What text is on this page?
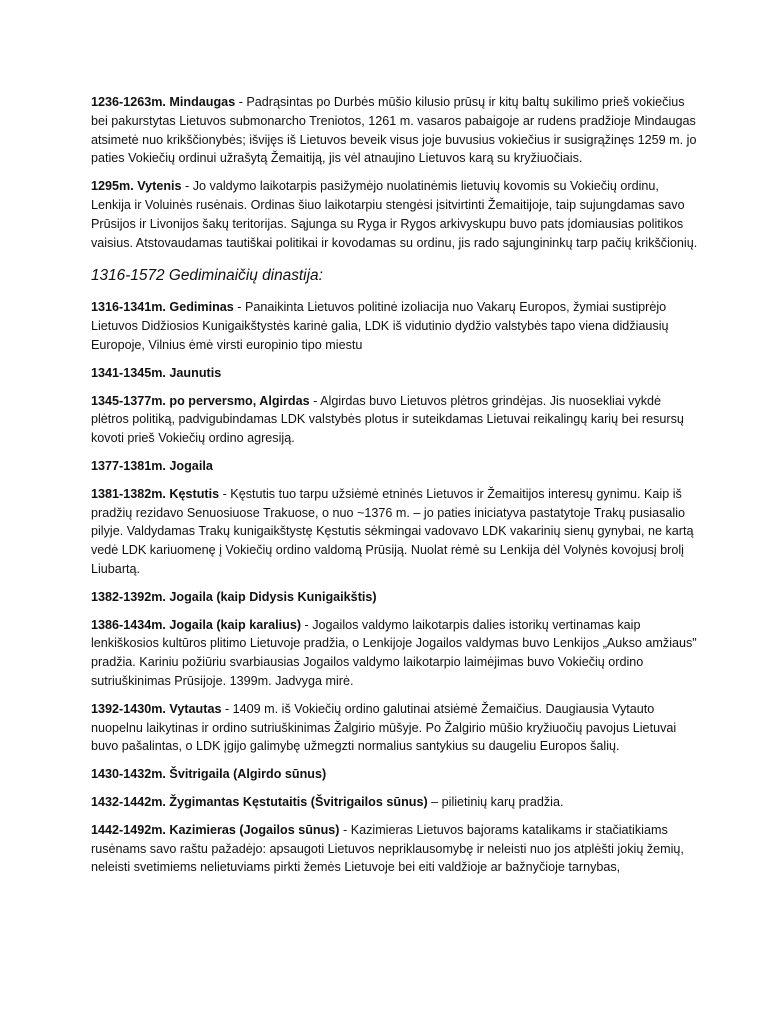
1236-1263m. Mindaugas - Padrąsintas po Durbės mūšio kilusio prūsų ir kitų baltų sukilimo prieš vokiečius bei pakurstytas Lietuvos submonarcho Treniotos, 1261 m. vasaros pabaigoje ar rudens pradžioje Mindaugas atsimetė nuo krikščionybės; išvijęs iš Lietuvos beveik visus joje buvusius vokiečius ir susigrąžinęs 1259 m. jo paties Vokiečių ordinui užrašytą Žemaitiją, jis vėl atnaujino Lietuvos karą su kryžiuočiais.

1295m. Vytenis - Jo valdymo laikotarpis pasižymėjo nuolatinėmis lietuvių kovomis su Vokiečių ordinu, Lenkija ir Voluinės rusėnais. Ordinas šiuo laikotarpiu stengėsi įsitvirtinti Žemaitijoje, taip sujungdamas savo Prūsijos ir Livonijos šakų teritorijas. Sąjunga su Ryga ir Rygos arkivyskupu buvo pats įdomiausias politikos vaisius. Atstovaudamas tautiškai politikai ir kovodamas su ordinu, jis rado sąjungininkų tarp pačių krikščionių.

1316-1572 Gediminaičių dinastija:

1316-1341m. Gediminas - Panaikinta Lietuvos politinė izoliacija nuo Vakarų Europos, žymiai sustiprėjo Lietuvos Didžiosios Kunigaikštystės karinė galia, LDK iš vidutinio dydžio valstybės tapo viena didžiausių Europoje, Vilnius ėmė virsti europinio tipo miestu

1341-1345m. Jaunutis

1345-1377m. po perversmo, Algirdas - Algirdas buvo Lietuvos plėtros grindėjas. Jis nuosekliai vykdė plėtros politiką, padvigubindamas LDK valstybės plotus ir suteikdamas Lietuvai reikalingų karių bei resursų kovoti prieš Vokiečių ordino agresiją.

1377-1381m. Jogaila

1381-1382m. Kęstutis - Kęstutis tuo tarpu užsiėmė etninės Lietuvos ir Žemaitijos interesų gynimu. Kaip iš pradžių rezidavo Senuosiuose Trakuose, o nuo ~1376 m. – jo paties iniciatyva pastatytoje Trakų pusiasalio pilyje. Valdydamas Trakų kunigaikštystę Kęstutis sėkmingai vadovavo LDK vakarinių sienų gynybai, ne kartą vedė LDK kariuomenę į Vokiečių ordino valdomą Prūsiją. Nuolat rėmė su Lenkija dėl Volynės kovojusį brolį Liubartą.

1382-1392m. Jogaila (kaip Didysis Kunigaikštis)

1386-1434m. Jogaila (kaip karalius) - Jogailos valdymo laikotarpis dalies istorikų vertinamas kaip lenkiškosios kultūros plitimo Lietuvoje pradžia, o Lenkijoje Jogailos valdymas buvo Lenkijos „Aukso amžiaus" pradžia. Kariniu požiūriu svarbiausias Jogailos valdymo laikotarpio laimėjimas buvo Vokiečių ordino sutriuškinimas Prūsijoje. 1399m. Jadvyga mirė.

1392-1430m. Vytautas - 1409 m. iš Vokiečių ordino galutinai atsiėmė Žemaičius. Daugiausia Vytauto nuopelnu laikytinas ir ordino sutriuškinimas Žalgirio mūšyje. Po Žalgirio mūšio kryžiuočių pavojus Lietuvai buvo pašalintas, o LDK įgijo galimybę užmegzti normalius santykius su daugeliu Europos šalių.

1430-1432m. Švitrigaila (Algirdo sūnus)

1432-1442m. Žygimantas Kęstutaitis (Švitrigailos sūnus) – pilietinių karų pradžia.

1442-1492m. Kazimieras (Jogailos sūnus) - Kazimieras Lietuvos bajorams katalikams ir stačiatikiams rusėnams savo raštu pažadėjo: apsaugoti Lietuvos nepriklausomybę ir neleisti nuo jos atplėšti jokių žemių, neleisti svetimiems nelietuviams pirkti žemės Lietuvoje bei eiti valdžioje ar bažnyčioje tarnybas,
